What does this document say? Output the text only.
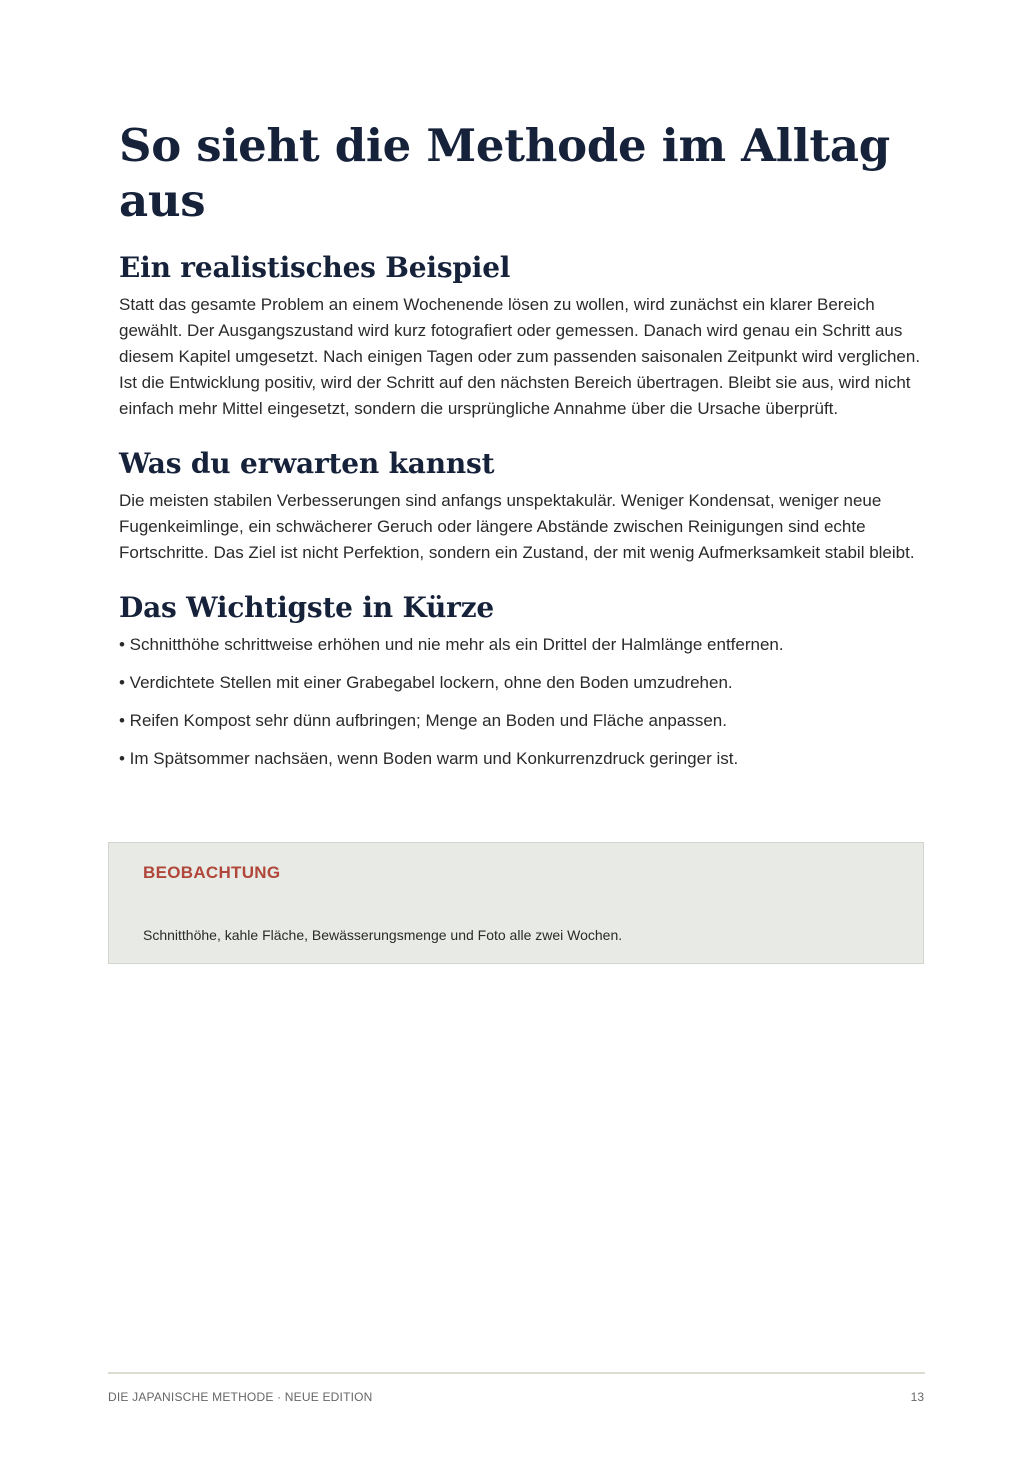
So sieht die Methode im Alltag aus
Ein realistisches Beispiel

Statt das gesamte Problem an einem Wochenende lösen zu wollen, wird zunächst ein klarer Bereich gewählt. Der Ausgangszustand wird kurz fotografiert oder gemessen. Danach wird genau ein Schritt aus diesem Kapitel umgesetzt. Nach einigen Tagen oder zum passenden saisonalen Zeitpunkt wird verglichen. Ist die Entwicklung positiv, wird der Schritt auf den nächsten Bereich übertragen. Bleibt sie aus, wird nicht einfach mehr Mittel eingesetzt, sondern die ursprüngliche Annahme über die Ursache überprüft.

Was du erwarten kannst

Die meisten stabilen Verbesserungen sind anfangs unspektakulär. Weniger Kondensat, weniger neue Fugenkeimlinge, ein schwächerer Geruch oder längere Abstände zwischen Reinigungen sind echte Fortschritte. Das Ziel ist nicht Perfektion, sondern ein Zustand, der mit wenig Aufmerksamkeit stabil bleibt.

Das Wichtigste in Kürze
• Schnitthöhe schrittweise erhöhen und nie mehr als ein Drittel der Halmlänge entfernen.
• Verdichtete Stellen mit einer Grabegabel lockern, ohne den Boden umzudrehen.
• Reifen Kompost sehr dünn aufbringen; Menge an Boden und Fläche anpassen.
• Im Spätsommer nachsäen, wenn Boden warm und Konkurrenzdruck geringer ist.
BEOBACHTUNG
Schnitthöhe, kahle Fläche, Bewässerungsmenge und Foto alle zwei Wochen.
DIE JAPANISCHE METHODE · NEUE EDITION	13
